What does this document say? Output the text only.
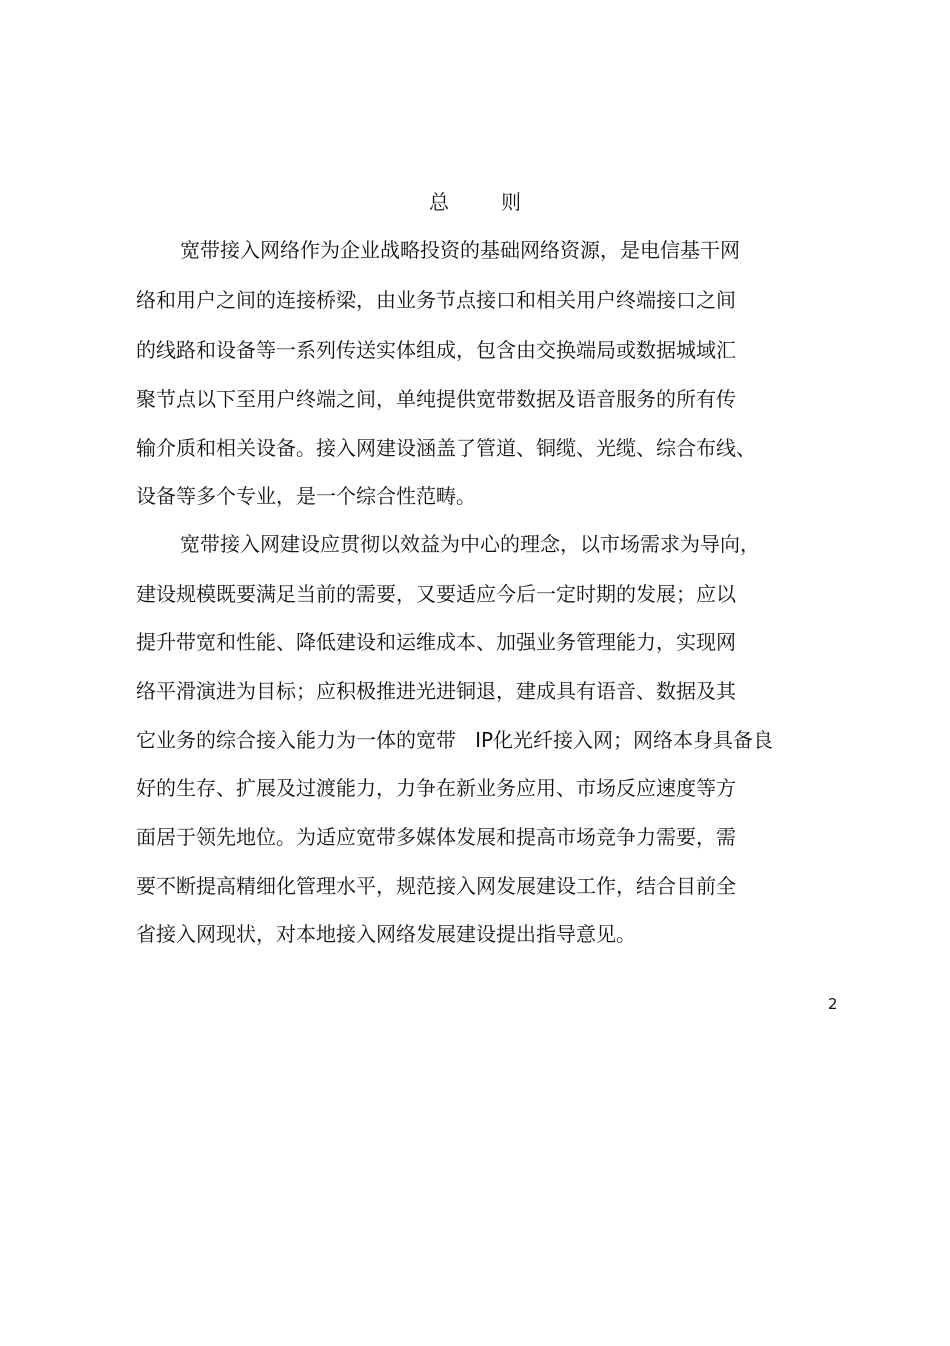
总	则
宽带接入网络作为企业战略投资的基础网络资源，是电信基干网
络和用户之间的连接桥梁，由业务节点接口和相关用户终端接口之间
的线路和设备等一系列传送实体组成，包含由交换端局或数据城域汇
聚节点以下至用户终端之间，单纯提供宽带数据及语音服务的所有传
输介质和相关设备。接入网建设涵盖了管道、铜缆、光缆、综合布线、
设备等多个专业，是一个综合性范畴。
宽带接入网建设应贯彻以效益为中心的理念，以市场需求为导向，
建设规模既要满足当前的需要，又要适应今后一定时期的发展；应以
提升带宽和性能、降低建设和运维成本、加强业务管理能力，实现网
络平滑演进为目标；应积极推进光进铜退，建成具有语音、数据及其
它业务的综合接入能力为一体的宽带   IP化光纤接入网；网络本身具备良
好的生存、扩展及过渡能力，力争在新业务应用、市场反应速度等方
面居于领先地位。为适应宽带多媒体发展和提高市场竞争力需要，需
要不断提高精细化管理水平，规范接入网发展建设工作，结合目前全
省接入网现状，对本地接入网络发展建设提出指导意见。
2
